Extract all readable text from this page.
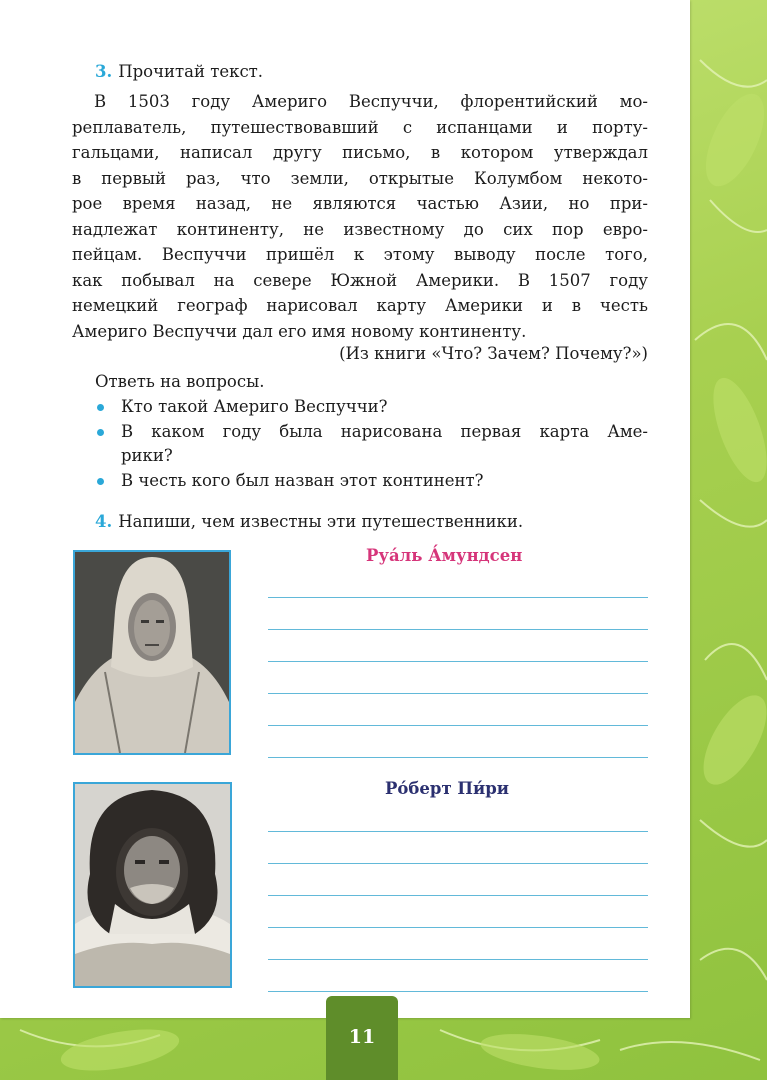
3. Прочитай текст.
В 1503 году Америго Веспуччи, флорентийский мо-
реплаватель, путешествовавший с испанцами и порту-
гальцами, написал другу письмо, в котором утверждал
в первый раз, что земли, открытые Колумбом некото-
рое время назад, не являются частью Азии, но при-
надлежат континенту, не известному до сих пор евро-
пейцам. Веспуччи пришёл к этому выводу после того,
как побывал на севере Южной Америки. В 1507 году
немецкий географ нарисовал карту Америки и в честь
Америго Веспуччи дал его имя новому континенту.
(Из книги «Что? Зачем? Почему?»)
Ответь на вопросы.
Кто такой Америго Веспуччи?
В каком году была нарисована первая карта Аме-
рики?
В честь кого был назван этот континент?
4. Напиши, чем известны эти путешественники.
Руа́ль А́мундсен
Ро́берт Пи́ри
11
